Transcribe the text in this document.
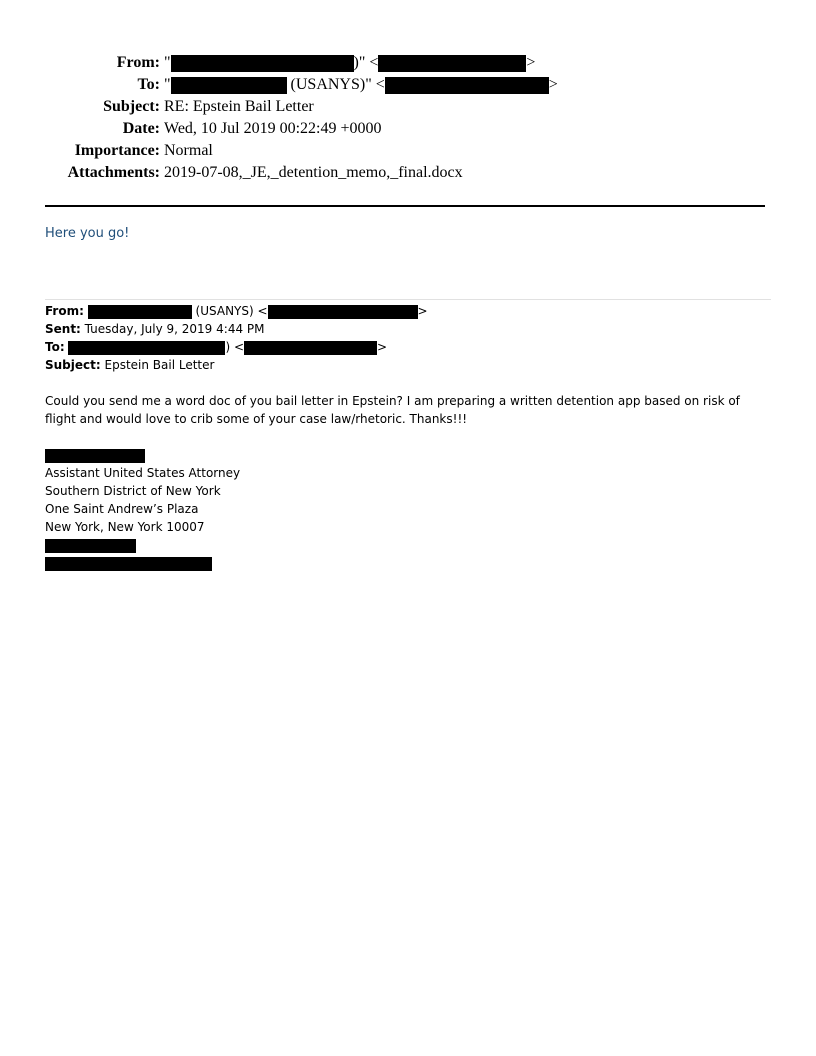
From: "	)" <	>
To: "	(USANYS)" <	>
Subject: RE: Epstein Bail Letter
Date: Wed, 10 Jul 2019 00:22:49 +0000
Importance: Normal
Attachments: 2019-07-08,_JE,_detention_memo,_final.docx
Here you go!
From:	(USANYS) <	>
Sent: Tuesday, July 9, 2019 4:44 PM
To:	) <	>
Subject: Epstein Bail Letter
Could you send me a word doc of you bail letter in Epstein? I am preparing a written detention app based on risk of flight and would love to crib some of your case law/rhetoric. Thanks!!!
Assistant United States Attorney
Southern District of New York
One Saint Andrew’s Plaza
New York, New York 10007
